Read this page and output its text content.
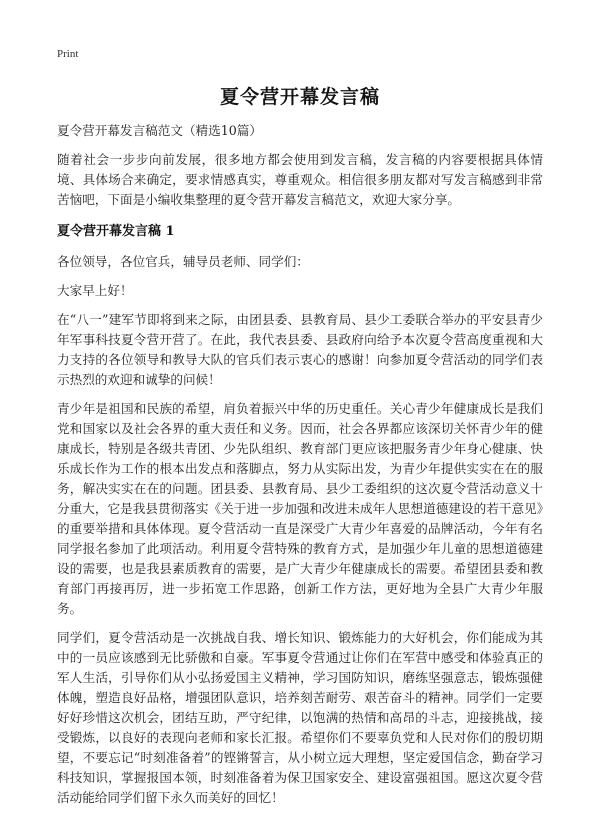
Print
夏令营开幕发言稿
夏令营开幕发言稿范文（精选10篇）

随着社会一步步向前发展，很多地方都会使用到发言稿，发言稿的内容要根据具体情境、具体场合来确定，要求情感真实，尊重观众。相信很多朋友都对写发言稿感到非常苦恼吧，下面是小编收集整理的夏令营开幕发言稿范文，欢迎大家分享。

夏令营开幕发言稿 1

各位领导，各位官兵，辅导员老师、同学们：

大家早上好！

在“八一”建军节即将到来之际，由团县委、县教育局、县少工委联合举办的平安县青少年军事科技夏令营开营了。在此，我代表县委、县政府向给予本次夏令营高度重视和大力支持的各位领导和教导大队的官兵们表示衷心的感谢！向参加夏令营活动的同学们表示热烈的欢迎和诚挚的问候！

青少年是祖国和民族的希望，肩负着振兴中华的历史重任。关心青少年健康成长是我们党和国家以及社会各界的重大责任和义务。因而，社会各界都应该深切关怀青少年的健康成长，特别是各级共青团、少先队组织、教育部门更应该把服务青少年身心健康、快乐成长作为工作的根本出发点和落脚点，努力从实际出发，为青少年提供实实在在的服务，解决实实在在的问题。团县委、县教育局、县少工委组织的这次夏令营活动意义十分重大，它是我县贯彻落实《关于进一步加强和改进未成年人思想道德建设的若干意见》的重要举措和具体体现。夏令营活动一直是深受广大青少年喜爱的品牌活动，今年有名同学报名参加了此项活动。利用夏令营特殊的教育方式，是加强少年儿童的思想道德建设的需要，也是我县素质教育的需要，是广大青少年健康成长的需要。希望团县委和教育部门再接再厉，进一步拓宽工作思路，创新工作方法，更好地为全县广大青少年服务。

同学们，夏令营活动是一次挑战自我、增长知识、锻炼能力的大好机会，你们能成为其中的一员应该感到无比骄傲和自豪。军事夏令营通过让你们在军营中感受和体验真正的军人生活，引导你们从小弘扬爱国主义精神，学习国防知识，磨练坚强意志，锻炼强健体魄，塑造良好品格，增强团队意识，培养刻苦耐劳、艰苦奋斗的精神。同学们一定要好好珍惜这次机会，团结互助，严守纪律，以饱满的热情和高昂的斗志，迎接挑战，接受锻炼，以良好的表现向老师和家长汇报。希望你们不要辜负党和人民对你们的殷切期望，不要忘记“时刻准备着”的铿锵誓言，从小树立远大理想，坚定爱国信念，勤奋学习科技知识，掌握报国本领，时刻准备着为保卫国家安全、建设富强祖国。愿这次夏令营活动能给同学们留下永久而美好的回忆！
